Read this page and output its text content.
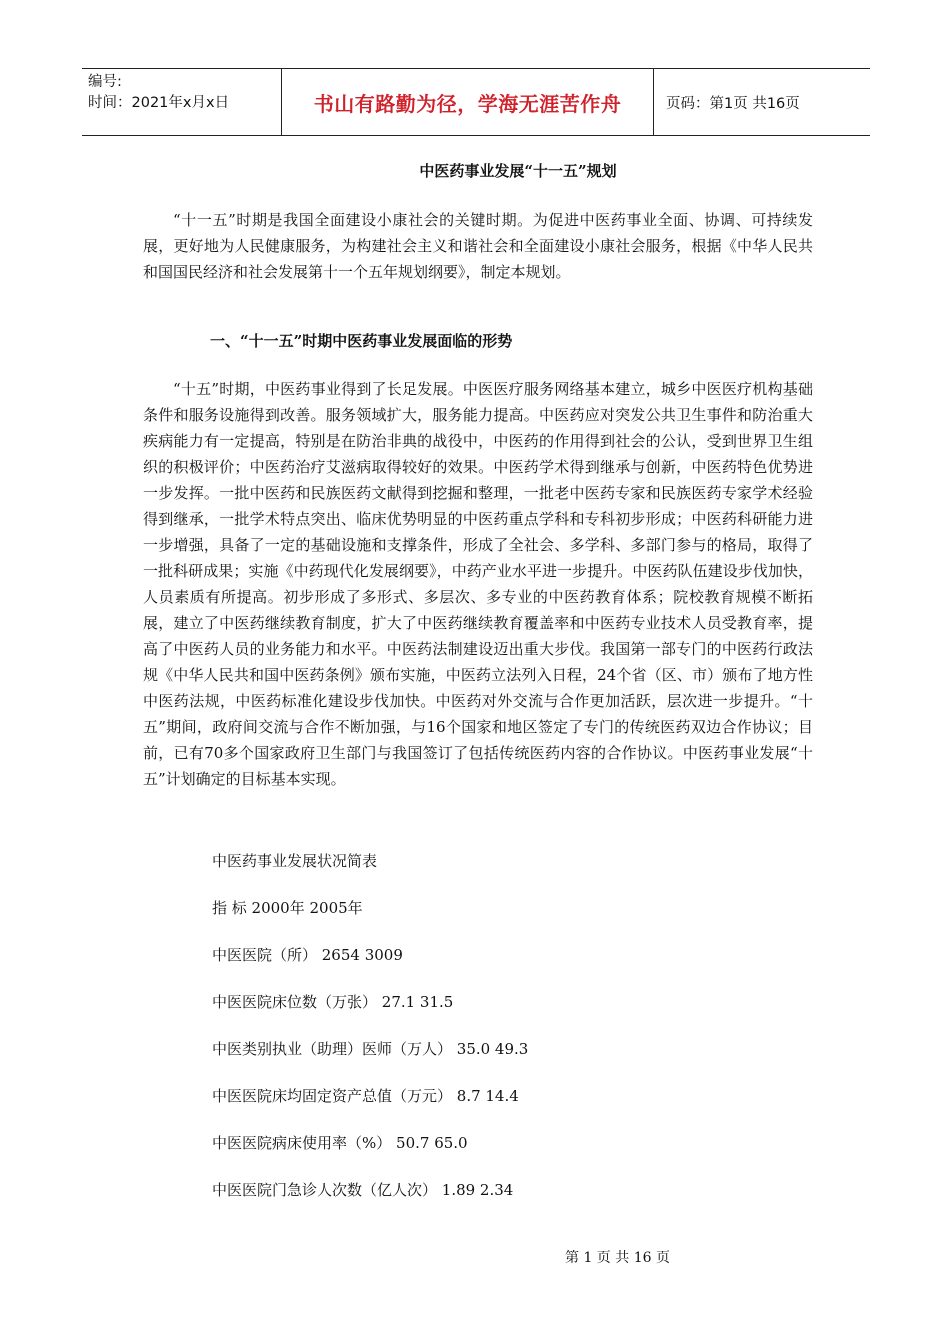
编号:
时间：2021年x月x日	书山有路勤为径，学海无涯苦作舟	页码：第1页 共16页
中医药事业发展“十一五”规划

“十一五”时期是我国全面建设小康社会的关键时期。为促进中医药事业全面、协调、可持续发展，更好地为人民健康服务，为构建社会主义和谐社会和全面建设小康社会服务，根据《中华人民共和国国民经济和社会发展第十一个五年规划纲要》，制定本规划。

一、“十一五”时期中医药事业发展面临的形势

“十五”时期，中医药事业得到了长足发展。中医医疗服务网络基本建立，城乡中医医疗机构基础条件和服务设施得到改善。服务领域扩大，服务能力提高。中医药应对突发公共卫生事件和防治重大疾病能力有一定提高，特别是在防治非典的战役中，中医药的作用得到社会的公认，受到世界卫生组织的积极评价；中医药治疗艾滋病取得较好的效果。中医药学术得到继承与创新，中医药特色优势进一步发挥。一批中医药和民族医药文献得到挖掘和整理，一批老中医药专家和民族医药专家学术经验得到继承，一批学术特点突出、临床优势明显的中医药重点学科和专科初步形成；中医药科研能力进一步增强，具备了一定的基础设施和支撑条件，形成了全社会、多学科、多部门参与的格局，取得了一批科研成果；实施《中药现代化发展纲要》，中药产业水平进一步提升。中医药队伍建设步伐加快，人员素质有所提高。初步形成了多形式、多层次、多专业的中医药教育体系；院校教育规模不断拓展，建立了中医药继续教育制度，扩大了中医药继续教育覆盖率和中医药专业技术人员受教育率，提高了中医药人员的业务能力和水平。中医药法制建设迈出重大步伐。我国第一部专门的中医药行政法规《中华人民共和国中医药条例》颁布实施，中医药立法列入日程，24个省（区、市）颁布了地方性中医药法规，中医药标准化建设步伐加快。中医药对外交流与合作更加活跃，层次进一步提升。“十五”期间，政府间交流与合作不断加强，与16个国家和地区签定了专门的传统医药双边合作协议；目前，已有70多个国家政府卫生部门与我国签订了包括传统医药内容的合作协议。中医药事业发展“十五”计划确定的目标基本实现。

中医药事业发展状况简表
指 标 2000年 2005年
中医医院（所） 2654 3009
中医医院床位数（万张） 27.1 31.5
中医类别执业（助理）医师（万人） 35.0 49.3
中医医院床均固定资产总值（万元） 8.7 14.4
中医医院病床使用率（%） 50.7 65.0
中医医院门急诊人次数（亿人次） 1.89 2.34
第 1 页 共 16 页
